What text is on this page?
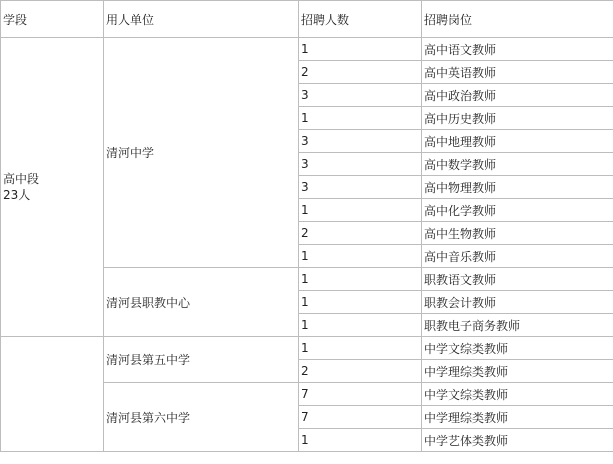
学段	用人单位	招聘人数	招聘岗位

高中段
23人	清河中学	1	高中语文教师
		2	高中英语教师
		3	高中政治教师
		1	高中历史教师
		3	高中地理教师
		3	高中数学教师
		3	高中物理教师
		1	高中化学教师
		2	高中生物教师
		1	高中音乐教师
	清河县职教中心	1	职教语文教师
		1	职教会计教师
		1	职教电子商务教师

	清河县第五中学	1	中学文综类教师
		2	中学理综类教师
	清河县第六中学	7	中学文综类教师
		7	中学理综类教师
		1	中学艺体类教师
